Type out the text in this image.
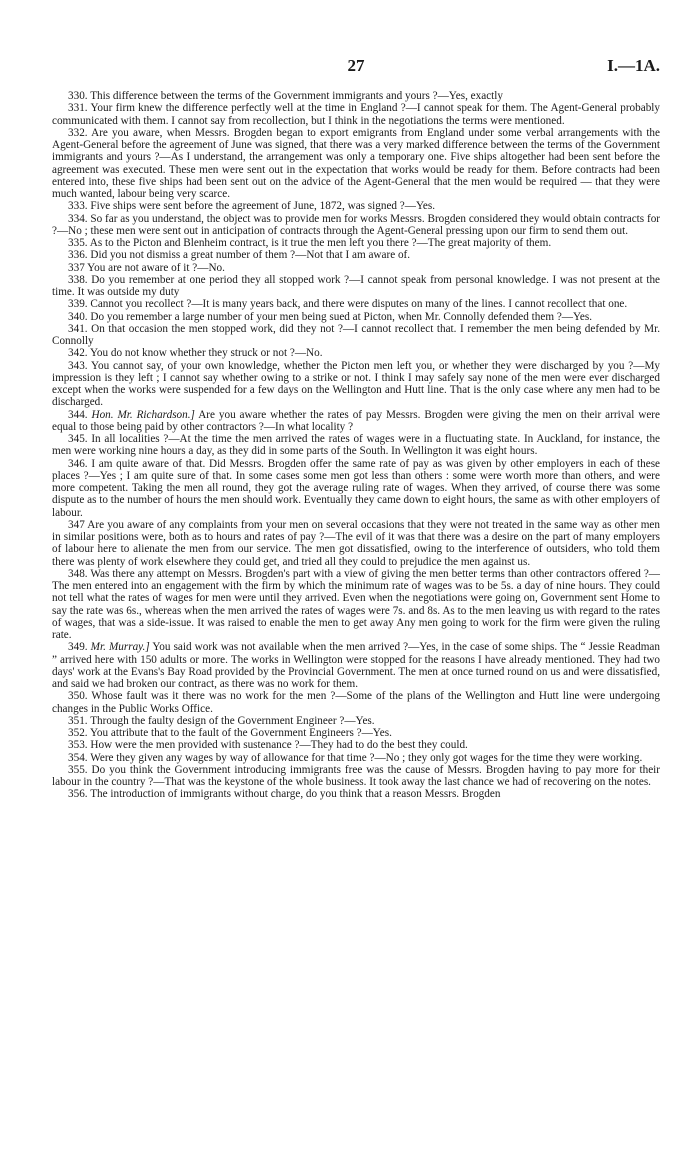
27	I.—1A.

330. This difference between the terms of the Government immigrants and yours ?—Yes, exactly

331. Your firm knew the difference perfectly well at the time in England ?—I cannot speak for them. The Agent-General probably communicated with them. I cannot say from recollection, but I think in the negotiations the terms were mentioned.

332. Are you aware, when Messrs. Brogden began to export emigrants from England under some verbal arrangements with the Agent-General before the agreement of June was signed, that there was a very marked difference between the terms of the Government immigrants and yours ?—As I understand, the arrangement was only a temporary one. Five ships altogether had been sent before the agreement was executed. These men were sent out in the expectation that works would be ready for them. Before contracts had been entered into, these five ships had been sent out on the advice of the Agent-General that the men would be required — that they were much wanted, labour being very scarce.

333. Five ships were sent before the agreement of June, 1872, was signed ?—Yes.

334. So far as you understand, the object was to provide men for works Messrs. Brogden considered they would obtain contracts for ?—No ; these men were sent out in anticipation of contracts through the Agent-General pressing upon our firm to send them out.

335. As to the Picton and Blenheim contract, is it true the men left you there ?—The great majority of them.

336. Did you not dismiss a great number of them ?—Not that I am aware of.

337 You are not aware of it ?—No.

338. Do you remember at one period they all stopped work ?—I cannot speak from personal knowledge. I was not present at the time. It was outside my duty

339. Cannot you recollect ?—It is many years back, and there were disputes on many of the lines. I cannot recollect that one.

340. Do you remember a large number of your men being sued at Picton, when Mr. Connolly defended them ?—Yes.

341. On that occasion the men stopped work, did they not ?—I cannot recollect that. I remember the men being defended by Mr. Connolly

342. You do not know whether they struck or not ?—No.

343. You cannot say, of your own knowledge, whether the Picton men left you, or whether they were discharged by you ?—My impression is they left ; I cannot say whether owing to a strike or not. I think I may safely say none of the men were ever discharged except when the works were suspended for a few days on the Wellington and Hutt line. That is the only case where any men had to be discharged.

344. Hon. Mr. Richardson.] Are you aware whether the rates of pay Messrs. Brogden were giving the men on their arrival were equal to those being paid by other contractors ?—In what locality ?

345. In all localities ?—At the time the men arrived the rates of wages were in a fluctuating state. In Auckland, for instance, the men were working nine hours a day, as they did in some parts of the South. In Wellington it was eight hours.

346. I am quite aware of that. Did Messrs. Brogden offer the same rate of pay as was given by other employers in each of these places ?—Yes ; I am quite sure of that. In some cases some men got less than others : some were worth more than others, and were more competent. Taking the men all round, they got the average ruling rate of wages. When they arrived, of course there was some dispute as to the number of hours the men should work. Eventually they came down to eight hours, the same as with other employers of labour.

347 Are you aware of any complaints from your men on several occasions that they were not treated in the same way as other men in similar positions were, both as to hours and rates of pay ?—The evil of it was that there was a desire on the part of many employers of labour here to alienate the men from our service. The men got dissatisfied, owing to the interference of outsiders, who told them there was plenty of work elsewhere they could get, and tried all they could to prejudice the men against us.

348. Was there any attempt on Messrs. Brogden's part with a view of giving the men better terms than other contractors offered ?—The men entered into an engagement with the firm by which the minimum rate of wages was to be 5s. a day of nine hours. They could not tell what the rates of wages for men were until they arrived. Even when the negotiations were going on, Government sent Home to say the rate was 6s., whereas when the men arrived the rates of wages were 7s. and 8s. As to the men leaving us with regard to the rates of wages, that was a side-issue. It was raised to enable the men to get away Any men going to work for the firm were given the ruling rate.

349. Mr. Murray.] You said work was not available when the men arrived ?—Yes, in the case of some ships. The “ Jessie Readman ” arrived here with 150 adults or more. The works in Wellington were stopped for the reasons I have already mentioned. They had two days' work at the Evans's Bay Road provided by the Provincial Government. The men at once turned round on us and were dissatisfied, and said we had broken our contract, as there was no work for them.

350. Whose fault was it there was no work for the men ?—Some of the plans of the Wellington and Hutt line were undergoing changes in the Public Works Office.

351. Through the faulty design of the Government Engineer ?—Yes.

352. You attribute that to the fault of the Government Engineers ?—Yes.

353. How were the men provided with sustenance ?—They had to do the best they could.

354. Were they given any wages by way of allowance for that time ?—No ; they only got wages for the time they were working.

355. Do you think the Government introducing immigrants free was the cause of Messrs. Brogden having to pay more for their labour in the country ?—That was the keystone of the whole business. It took away the last chance we had of recovering on the notes.

356. The introduction of immigrants without charge, do you think that a reason Messrs. Brogden
